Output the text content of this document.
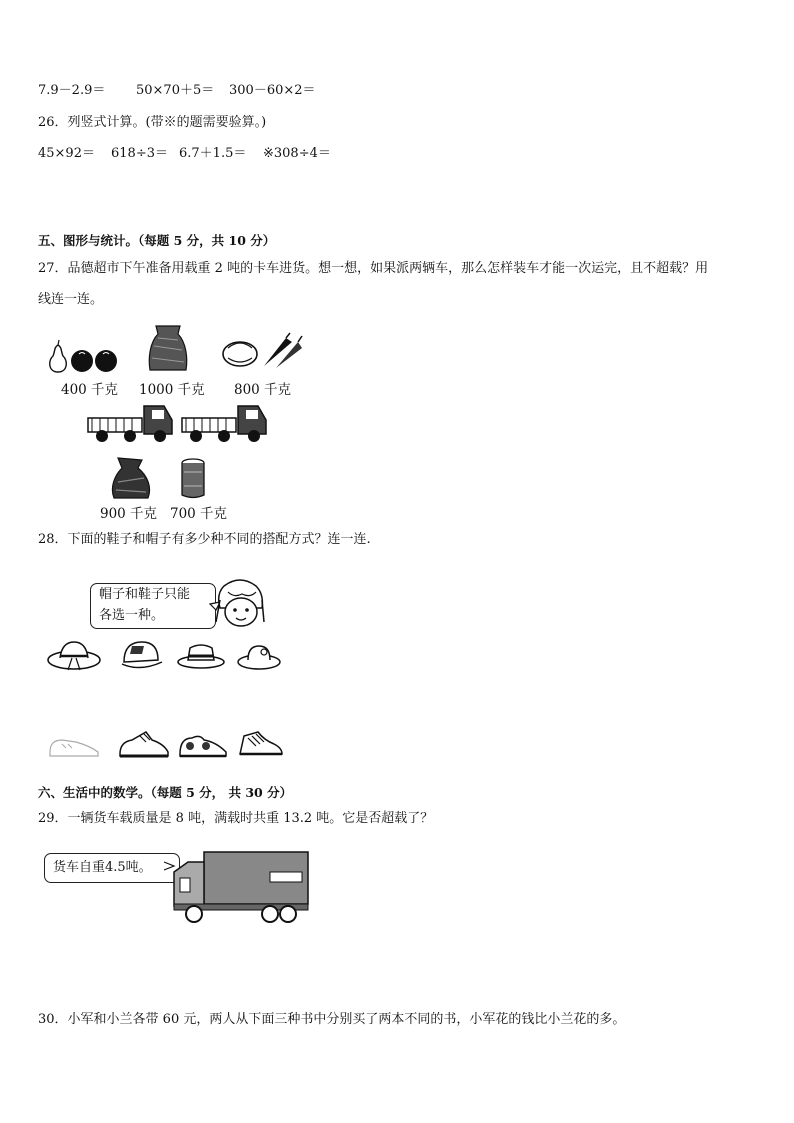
7.9－2.9＝ 50×70＋5＝ 300－60×2＝
26．列竖式计算。(带※的题需要验算。)
45×92＝ 618÷3＝ 6.7＋1.5＝ ※308÷4＝
五、图形与统计。（每题 5 分，共 10 分）
27．品德超市下午准备用载重 2 吨的卡车进货。想一想，如果派两辆车，那么怎样装车才能一次运完，且不超载？用
线连一连。
400 千克 1000 千克 800 千克
900 千克 700 千克
28．下面的鞋子和帽子有多少种不同的搭配方式？连一连.
帽子和鞋子只能
各选一种。
六、生活中的数学。（每题 5 分， 共 30 分）
29．一辆货车载质量是 8 吨，满载时共重 13.2 吨。它是否超载了？
货车自重4.5吨。
30．小军和小兰各带 60 元，两人从下面三种书中分别买了两本不同的书，小军花的钱比小兰花的多。
